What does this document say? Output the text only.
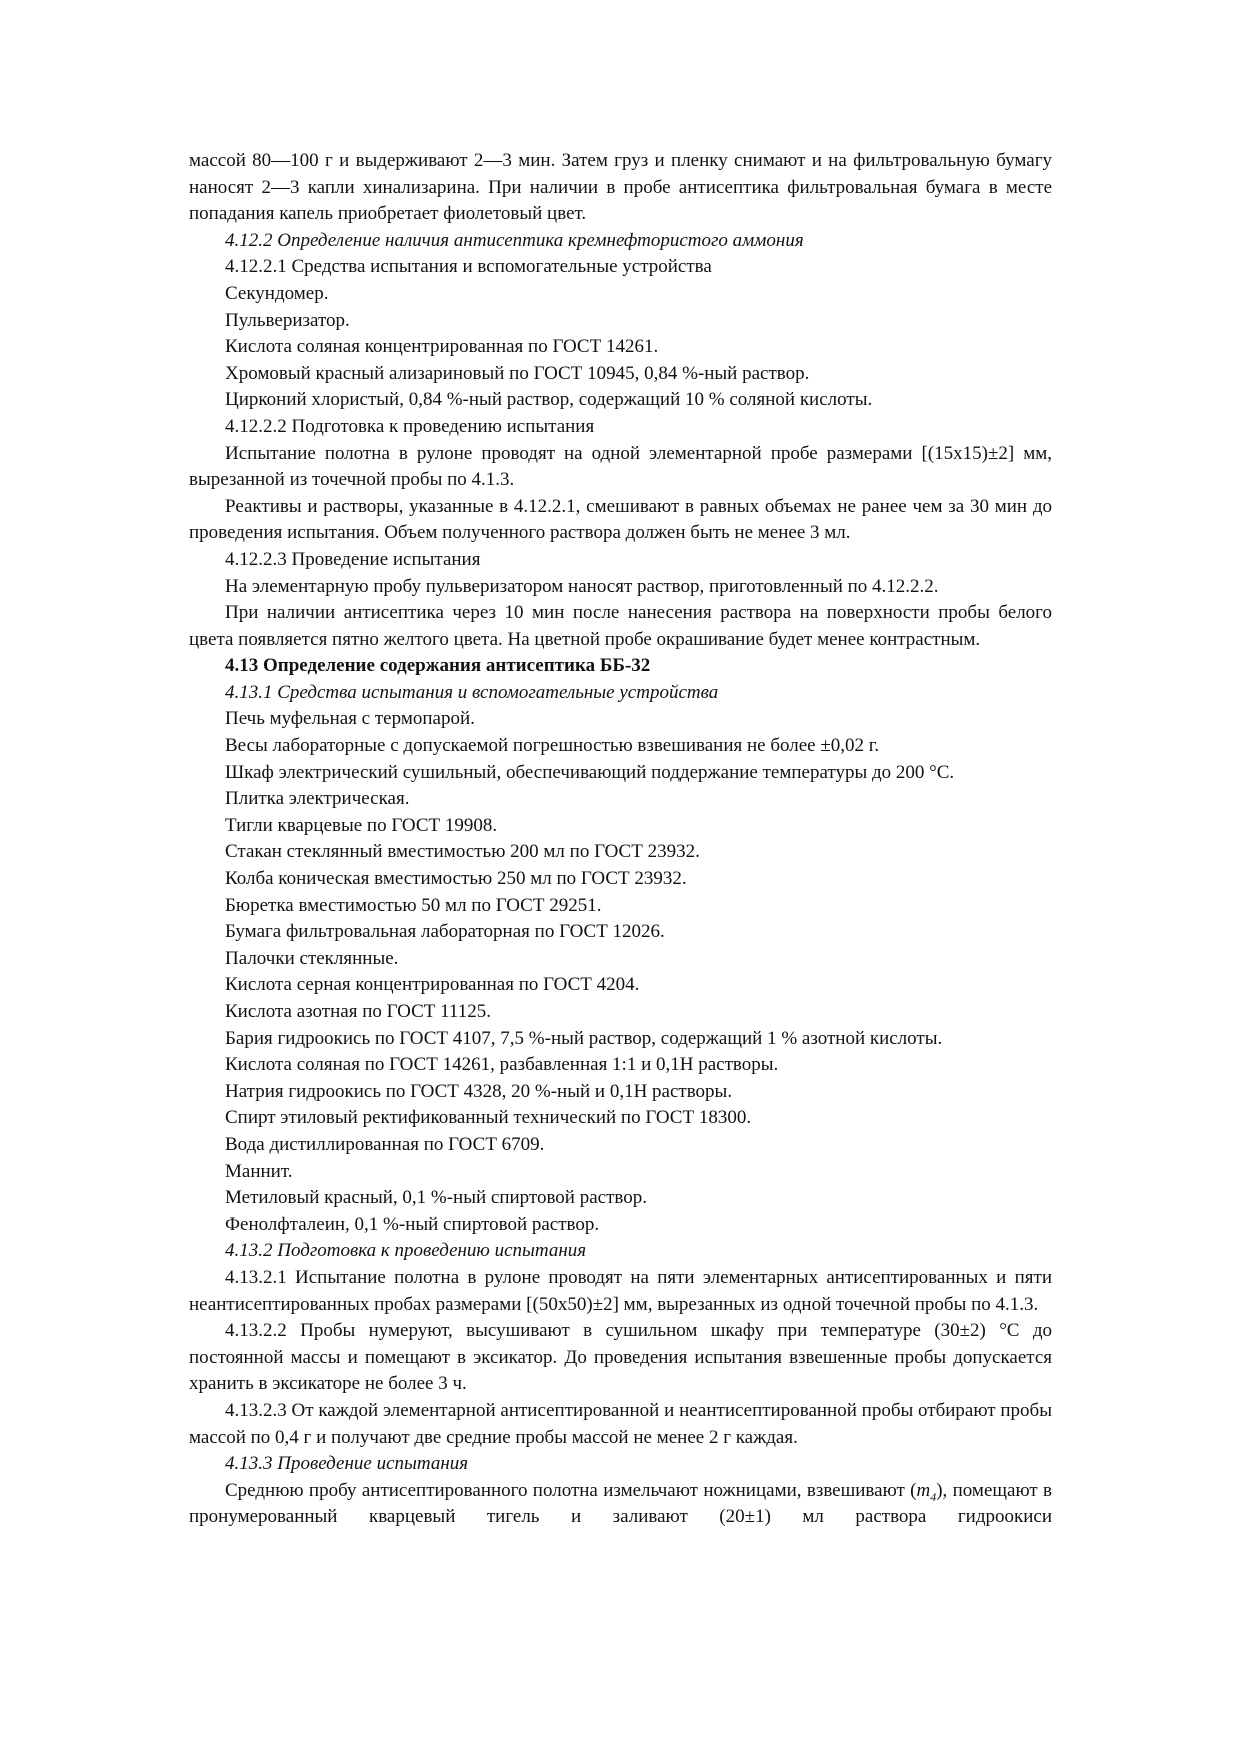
массой 80—100 г и выдерживают 2—3 мин. Затем груз и пленку снимают и на фильтровальную бумагу наносят 2—3 капли хинализарина. При наличии в пробе антисептика фильтровальная бумага в месте попадания капель приобретает фиолетовый цвет.

4.12.2 Определение наличия антисептика кремнефтористого аммония

4.12.2.1 Средства испытания и вспомогательные устройства

Секундомер.

Пульверизатор.

Кислота соляная концентрированная по ГОСТ 14261.

Хромовый красный ализариновый по ГОСТ 10945, 0,84 %-ный раствор.

Цирконий хлористый, 0,84 %-ный раствор, содержащий 10 % соляной кислоты.

4.12.2.2 Подготовка к проведению испытания

Испытание полотна в рулоне проводят на одной элементарной пробе размерами [(15x15)±2] мм, вырезанной из точечной пробы по 4.1.3.

Реактивы и растворы, указанные в 4.12.2.1, смешивают в равных объемах не ранее чем за 30 мин до проведения испытания. Объем полученного раствора должен быть не менее 3 мл.

4.12.2.3 Проведение испытания

На элементарную пробу пульверизатором наносят раствор, приготовленный по 4.12.2.2.

При наличии антисептика через 10 мин после нанесения раствора на поверхности пробы белого цвета появляется пятно желтого цвета. На цветной пробе окрашивание будет менее контрастным.

4.13 Определение содержания антисептика ББ-32

4.13.1 Средства испытания и вспомогательные устройства

Печь муфельная с термопарой.

Весы лабораторные с допускаемой погрешностью взвешивания не более ±0,02 г.

Шкаф электрический сушильный, обеспечивающий поддержание температуры до 200 °С.

Плитка электрическая.

Тигли кварцевые по ГОСТ 19908.

Стакан стеклянный вместимостью 200 мл по ГОСТ 23932.

Колба коническая вместимостью 250 мл по ГОСТ 23932.

Бюретка вместимостью 50 мл по ГОСТ 29251.

Бумага фильтровальная лабораторная по ГОСТ 12026.

Палочки стеклянные.

Кислота серная концентрированная по ГОСТ 4204.

Кислота азотная по ГОСТ 11125.

Бария гидроокись по ГОСТ 4107, 7,5 %-ный раствор, содержащий 1 % азотной кислоты.

Кислота соляная по ГОСТ 14261, разбавленная 1:1 и 0,1Н растворы.

Натрия гидроокись по ГОСТ 4328, 20 %-ный и 0,1Н растворы.

Спирт этиловый ректификованный технический по ГОСТ 18300.

Вода дистиллированная по ГОСТ 6709.

Маннит.

Метиловый красный, 0,1 %-ный спиртовой раствор.

Фенолфталеин, 0,1 %-ный спиртовой раствор.

4.13.2 Подготовка к проведению испытания

4.13.2.1 Испытание полотна в рулоне проводят на пяти элементарных антисептированных и пяти неантисептированных пробах размерами [(50x50)±2] мм, вырезанных из одной точечной пробы по 4.1.3.

4.13.2.2 Пробы нумеруют, высушивают в сушильном шкафу при температуре (30±2) °С до постоянной массы и помещают в эксикатор. До проведения испытания взвешенные пробы допускается хранить в эксикаторе не более 3 ч.

4.13.2.3 От каждой элементарной антисептированной и неантисептированной пробы отбирают пробы массой по 0,4 г и получают две средние пробы массой не менее 2 г каждая.

4.13.3 Проведение испытания

Среднюю пробу антисептированного полотна измельчают ножницами, взвешивают $(m_4)$, помещают в пронумерованный кварцевый тигель и заливают (20±1) мл раствора гидроокиси
